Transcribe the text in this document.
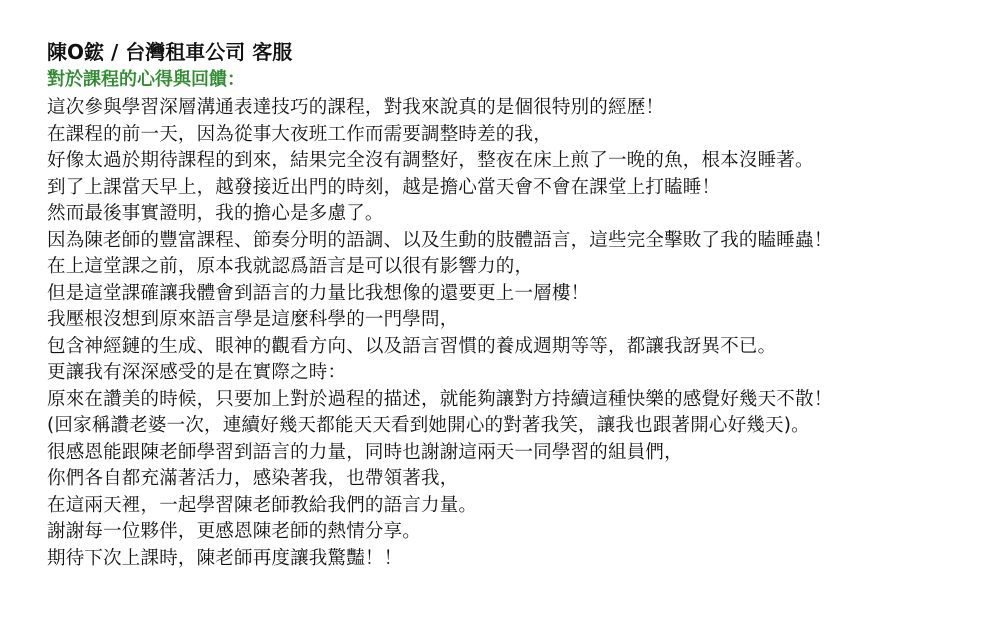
陳O鋐 / 台灣租車公司 客服
對於課程的心得與回饋：
這次參與學習深層溝通表達技巧的課程，對我來說真的是個很特別的經歷！
在課程的前一天，因為從事大夜班工作而需要調整時差的我，
好像太過於期待課程的到來，結果完全沒有調整好，整夜在床上煎了一晚的魚，根本沒睡著。
到了上課當天早上，越發接近出門的時刻，越是擔心當天會不會在課堂上打瞌睡！
然而最後事實證明，我的擔心是多慮了。
因為陳老師的豐富課程、節奏分明的語調、以及生動的肢體語言，這些完全擊敗了我的瞌睡蟲！
在上這堂課之前，原本我就認爲語言是可以很有影響力的，
但是這堂課確讓我體會到語言的力量比我想像的還要更上一層樓！
我壓根沒想到原來語言學是這麼科學的一門學問，
包含神經鏈的生成、眼神的觀看方向、以及語言習慣的養成週期等等，都讓我訝異不已。
更讓我有深深感受的是在實際之時：
原來在讚美的時候，只要加上對於過程的描述，就能夠讓對方持續這種快樂的感覺好幾天不散！
(回家稱讚老婆一次，連續好幾天都能天天看到她開心的對著我笑，讓我也跟著開心好幾天)。
很感恩能跟陳老師學習到語言的力量，同時也謝謝這兩天一同學習的組員們，
你們各自都充滿著活力，感染著我，也帶領著我，
在這兩天裡，一起學習陳老師教給我們的語言力量。
謝謝每一位夥伴，更感恩陳老師的熱情分享。
期待下次上課時，陳老師再度讓我驚豔！！
